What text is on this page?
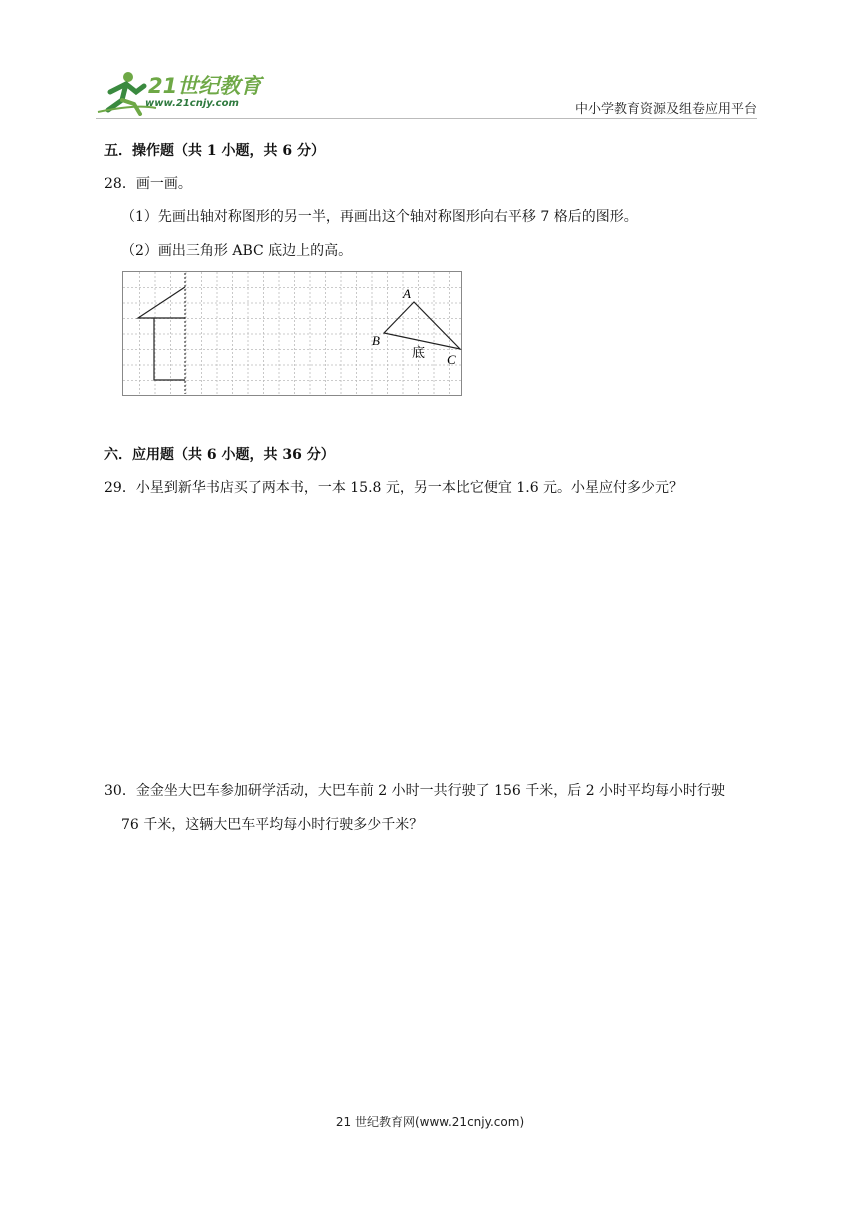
21世纪教育
www.21cnjy.com	中小学教育资源及组卷应用平台
五．操作题（共 1 小题，共 6 分）
28．画一画。
（1）先画出轴对称图形的另一半，再画出这个轴对称图形向右平移 7 格后的图形。
（2）画出三角形 ABC 底边上的高。
A
B
C
底
六．应用题（共 6 小题，共 36 分）
29．小星到新华书店买了两本书，一本 15.8 元，另一本比它便宜 1.6 元。小星应付多少元？
30．金金坐大巴车参加研学活动，大巴车前 2 小时一共行驶了 156 千米，后 2 小时平均每小时行驶
76 千米，这辆大巴车平均每小时行驶多少千米？
21 世纪教育网(www.21cnjy.com)
